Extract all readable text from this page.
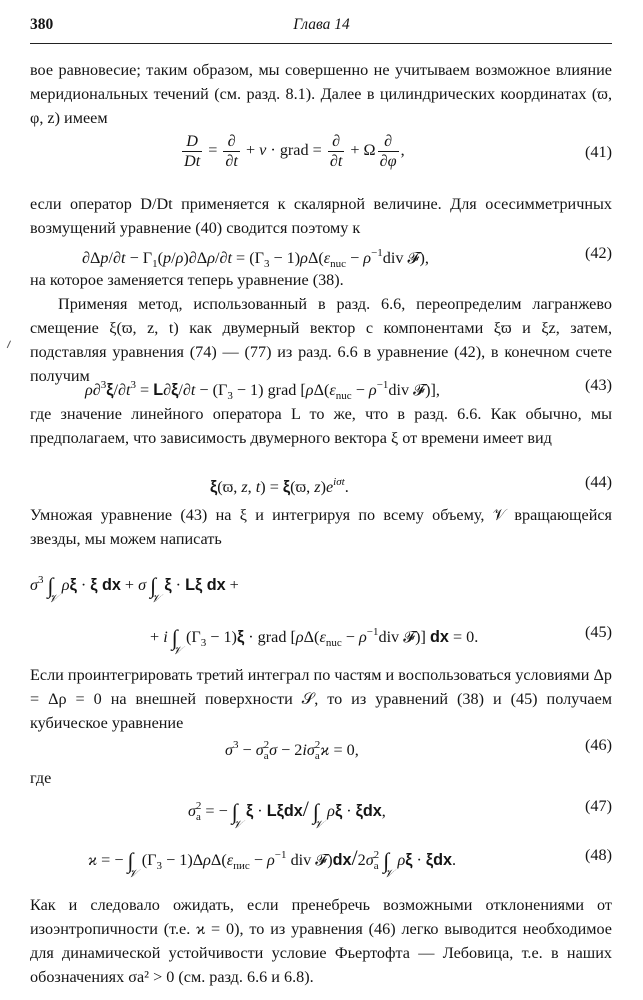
380	Глава 14

вое равновесие; таким образом, мы совершенно не учитываем возможное влияние меридиональных течений (см. разд. 8.1). Далее в цилиндрических координатах (ϖ, φ, z) имеем

$\frac{D}{Dt} = \frac{\partial}{\partial t} + v$ · grad = $\frac{\partial}{\partial t} + \Omega \frac{\partial}{\partial\varphi}$ ,	(41)

если оператор D/Dt применяется к скалярной величине. Для осесимметричных возмущений уравнение (40) сводится поэтому к

$\partial\Delta p/\partial t - \Gamma_1(p/\rho)\partial\Delta\rho/\partial t = (\Gamma_3 - 1)\rho\Delta(\varepsilon_{nuc} - \rho^{-1}div$ 𝓕),	(42)

на которое заменяется теперь уравнение (38).

Применяя метод, использованный в разд. 6.6, переопределим лагранжево смещение ξ(ϖ, z, t) как двумерный вектор с компонентами ξϖ и ξz, затем, подставляя уравнения (74) — (77) из разд. 6.6 в уравнение (42), в конечном счете получим

$\rho\partial^3\xi/\partial t^3 = L\partial\xi/\partial t - (\Gamma_3 - 1)$ grad [$\rho\Delta(\varepsilon_{nuc} - \rho^{-1}div$ 𝓕)],	(43)

где значение линейного оператора L то же, что в разд. 6.6. Как обычно, мы предполагаем, что зависимость двумерного вектора ξ от времени имеет вид

ξ(ϖ, z, t) = ξ(ϖ, $z)e^{i\sigma t}$.	(44)

Умножая уравнение (43) на ξ и интегрируя по всему объему, 𝒱 вращающейся звезды, мы можем написать

$\sigma^3$ $\int_𝒱$ ρξ · ξ dx + σ $\int_𝒱$ ξ · Lξ dx +
+ i $\int_𝒱$ $(\Gamma_3 - 1)\xi$ · grad [$\rho\Delta(\varepsilon_{nuc} - \rho^{-1}div$ 𝓕)] dx = 0.	(45)

Если проинтегрировать третий интеграл по частям и воспользоваться условиями Δp = Δρ = 0 на внешней поверхности 𝒮, то из уравнений (38) и (45) получаем кубическое уравнение

$\sigma^3 - \sigma_a^2\sigma - 2i\sigma_a^2ϰ = 0$,	(46)

где

$\sigma_a^2$ = − $\int_𝒱$ ξ · Lξdx/ $\int_𝒱$ ρξ · ξdx,	(47)
ϰ = − $\int_𝒱$ $(\Gamma_3 - 1)\Delta\rho\Delta(\varepsilon_{пис} - \rho^{-1}$ div $𝓕)dx/2\sigma_a^2$ $\int_𝒱$ ρξ · ξdx.	(48)

Как и следовало ожидать, если пренебречь возможными отклонениями от изоэнтропичности (т.е. ϰ = 0), то из уравнения (46) легко выводится необходимое для динамической устойчивости условие Фьертофта — Лебовица, т.е. в наших обозначениях σa² > 0 (см. разд. 6.6 и 6.8).
